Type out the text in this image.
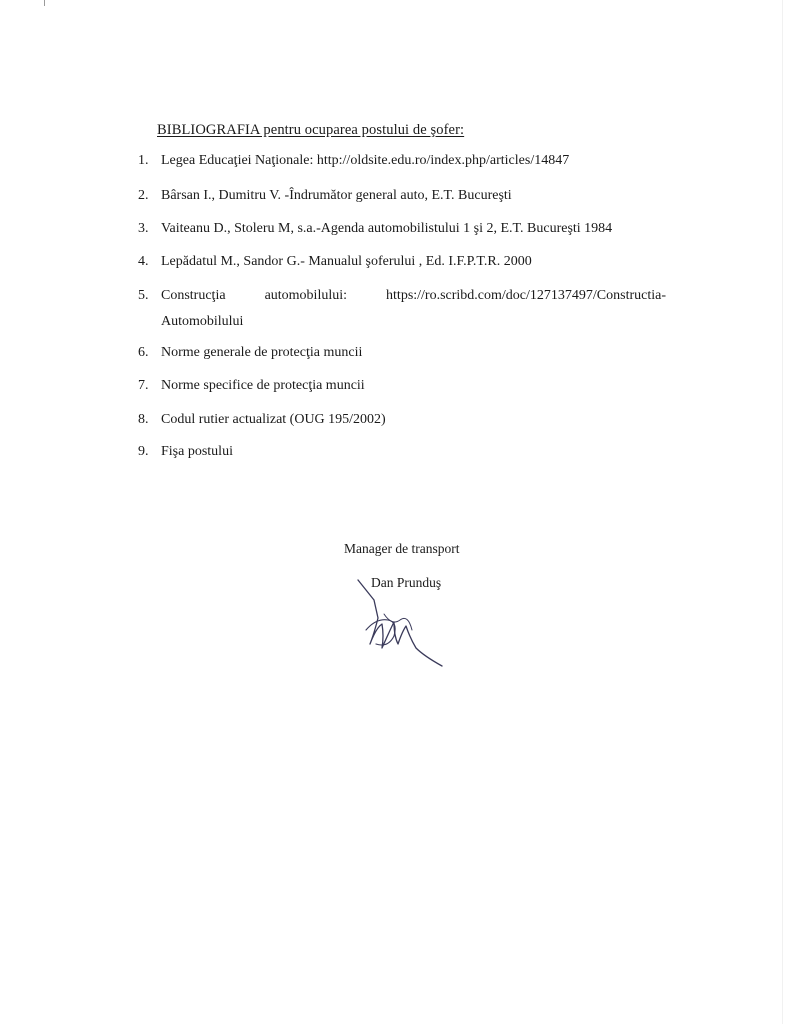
BIBLIOGRAFIA pentru ocuparea postului de şofer:
1. Legea Educaţiei Naţionale: http://oldsite.edu.ro/index.php/articles/14847
2. Bârsan I., Dumitru V. -Îndrumător general auto, E.T. Bucureşti
3. Vaiteanu D., Stoleru M, s.a.-Agenda automobilistului 1 şi 2, E.T. Bucureşti 1984
4. Lepădatul M., Sandor G.- Manualul şoferului , Ed. I.F.P.T.R. 2000
5. Construcţia automobilului: https://ro.scribd.com/doc/127137497/Constructia-Automobilului
6. Norme generale de protecţia muncii
7. Norme specifice de protecţia muncii
8. Codul rutier actualizat (OUG 195/2002)
9. Fişa postului
Manager de transport
Dan Prunduş
